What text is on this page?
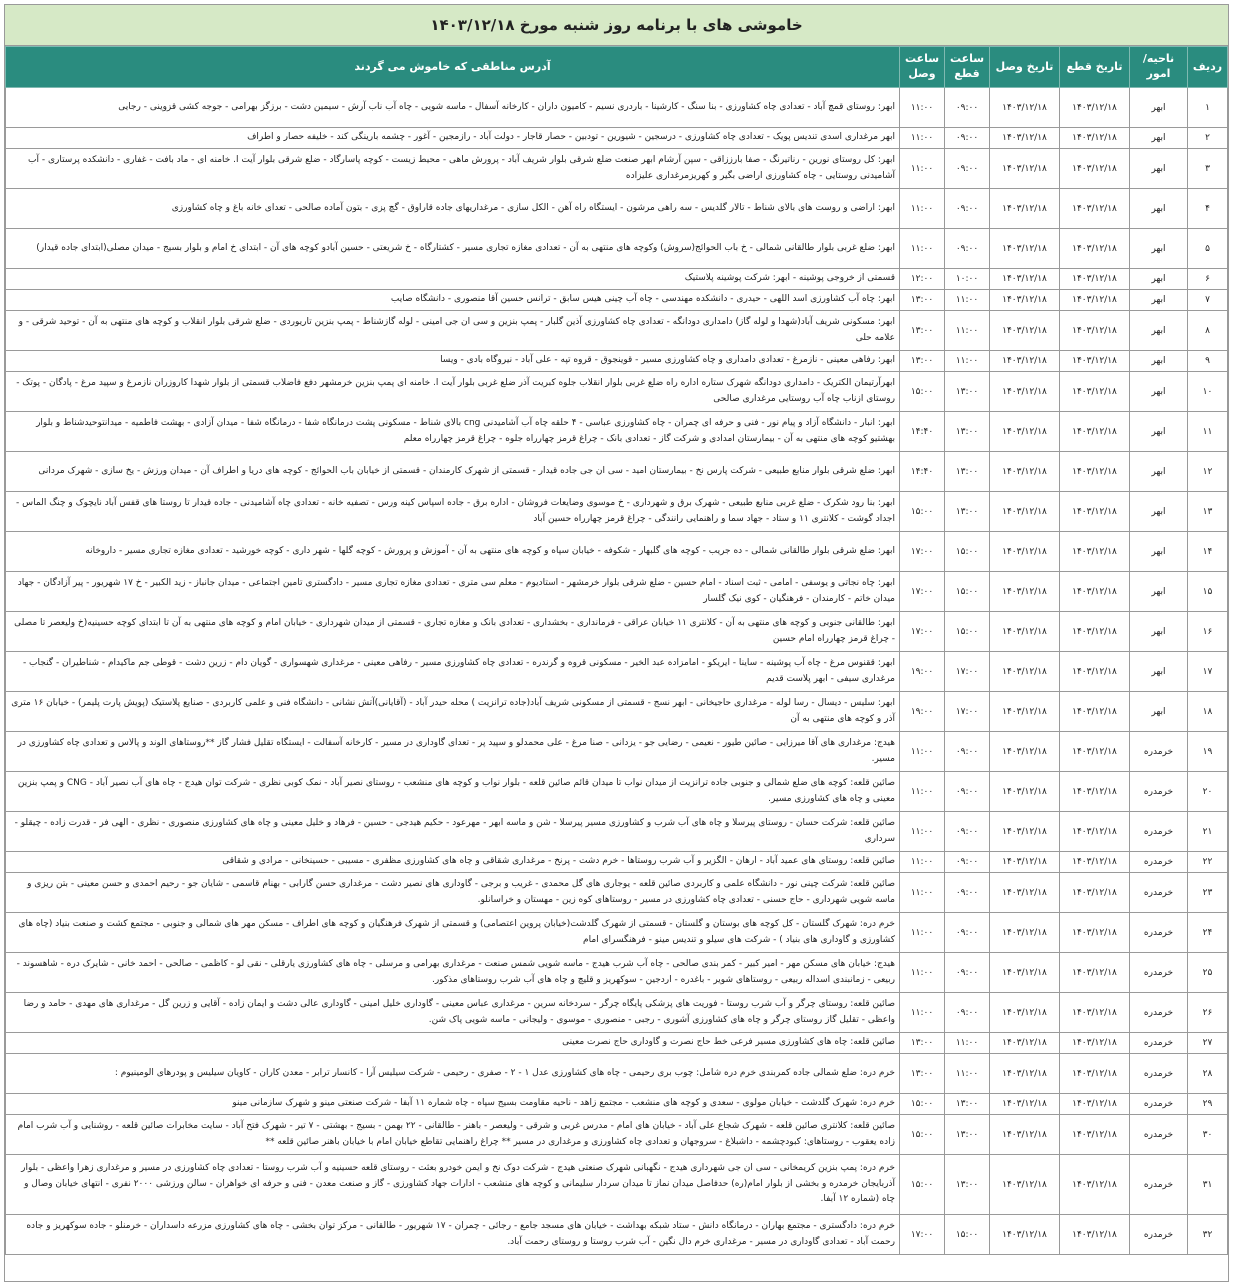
خاموشی های با برنامه روز شنبه مورخ ۱۴۰۳/۱۲/۱۸
ردیف	ناحیه/امور	تاریخ قطع	تاریخ وصل	ساعت قطع	ساعت وصل	آدرس مناطقی که خاموش می گردند
۱	ابهر	۱۴۰۳/۱۲/۱۸	۱۴۰۳/۱۲/۱۸	۰۹:۰۰	۱۱:۰۰	ابهر: روستای قمچ آباد - تعدادی چاه کشاورزی - بنا سنگ - کارشینا - باردری نسیم - کامیون داران - کارخانه آسفال - ماسه شویی - چاه آب ناب آرش - سیمین دشت - برزگز بهرامی - جوجه کشی قزوینی - رجایی
۲	ابهر	۱۴۰۳/۱۲/۱۸	۱۴۰۳/۱۲/۱۸	۰۹:۰۰	۱۱:۰۰	ابهر مرغداری اسدی تندیس پویک - تعدادی چاه کشاورزی - درسجین - شیورین - تودبین - حصار قاجار - دولت آباد - رازمجین - آغور - چشمه بارینگی کند - خلیفه حصار و اطراف
۳	ابهر	۱۴۰۳/۱۲/۱۸	۱۴۰۳/۱۲/۱۸	۰۹:۰۰	۱۱:۰۰	ابهر: کل روستای نورین - رناتیرنگ - صفا بارززاقی - سپن آرشام ابهر صنعت ضلع شرقی بلوار شریف آباد - پرورش ماهی - محیط زیست - کوچه پاسارگاد - ضلع شرقی بلوار آیت ا. خامنه ای - ماد بافت - غفاری - دانشکده پرستاری - آب آشامیدنی روستایی - چاه کشاورزی اراضی بگیر و کهریزمرغداری علیزاده
۴	ابهر	۱۴۰۳/۱۲/۱۸	۱۴۰۳/۱۲/۱۸	۰۹:۰۰	۱۱:۰۰	ابهر: اراضی و روست های بالای شناط - تالار گلدیس - سه راهی مرشون - ایستگاه راه آهن - الکل سازی - مرغداریهای جاده قاراوق - گچ پزی - بتون آماده صالحی - تعدای خانه باغ و چاه کشاورزی
۵	ابهر	۱۴۰۳/۱۲/۱۸	۱۴۰۳/۱۲/۱۸	۰۹:۰۰	۱۱:۰۰	ابهر: ضلع غربی بلوار طالقانی شمالی - خ باب الحوائج(سروش) وکوچه های منتهی به آن - تعدادی مغازه تجاری مسیر - کشتارگاه - خ شریعتی - حسین آبادو کوچه های آن - ابتدای خ امام و بلوار بسیج - میدان مصلی(ابتدای جاده قیدار)
۶	ابهر	۱۴۰۳/۱۲/۱۸	۱۴۰۳/۱۲/۱۸	۱۰:۰۰	۱۲:۰۰	قسمتی از خروجی پوشینه - ابهر: شرکت پوشینه پلاستیک
۷	ابهر	۱۴۰۳/۱۲/۱۸	۱۴۰۳/۱۲/۱۸	۱۱:۰۰	۱۳:۰۰	ابهر: چاه آب کشاورزی اسد اللهی - حیدری - دانشکده مهندسی - چاه آب چینی هیس سابق - ترانس حسین آقا منصوری - دانشگاه صایب
۸	ابهر	۱۴۰۳/۱۲/۱۸	۱۴۰۳/۱۲/۱۸	۱۱:۰۰	۱۳:۰۰	ابهر: مسکونی شریف آباد(شهدا و لوله گاز) دامداری دودانگه - تعدادی چاه کشاورزی آذین گلبار - پمپ بنزین و سی ان جی امینی - لوله گازشناط - پمپ بنزین تاریوردی - ضلع شرقی بلوار انقلاب و کوچه های منتهی به آن - توحید شرقی - و علامه حلی
۹	ابهر	۱۴۰۳/۱۲/۱۸	۱۴۰۳/۱۲/۱۸	۱۱:۰۰	۱۳:۰۰	ابهر: رفاهی معینی - نازمرغ - تعدادی دامداری و چاه کشاورزی مسیر - قوینجوق - قروه تپه - علی آباد - نیروگاه بادی - ویسا
۱۰	ابهر	۱۴۰۳/۱۲/۱۸	۱۴۰۳/۱۲/۱۸	۱۳:۰۰	۱۵:۰۰	ابهرآرتیمان الکتریک - دامداری دودانگه شهرک ستاره اداره راه ضلع غربی بلوار انقلاب جلوه کبریت آذر ضلع غربی بلوار آیت ا. خامنه ای پمپ بنزین خرمشهر دفع فاضلاب قسمتی از بلوار شهدا کاروزران نازمرغ و سپید مرغ - پادگان - پوتک - روستای ازناب چاه آب روستایی مرغداری صالحی
۱۱	ابهر	۱۴۰۳/۱۲/۱۸	۱۴۰۳/۱۲/۱۸	۱۳:۰۰	۱۴:۴۰	ابهر: انبار - دانشگاه آزاد و پیام نور - فنی و حرفه ای چمران - چاه کشاورزی عباسی - ۴ حلقه چاه آب آشامیدنی cng بالای شناط - مسکونی پشت درمانگاه شفا - درمانگاه شفا - میدان آزادی - بهشت فاطمیه - میدانتوحیدشناط و بلوار بهشتیو کوچه های منتهی به آن - بیمارستان امدادی و شرکت گاز - تعدادی بانک - چراغ قرمز چهارراه جلوه - چراغ قرمز چهارراه معلم
۱۲	ابهر	۱۴۰۳/۱۲/۱۸	۱۴۰۳/۱۲/۱۸	۱۳:۰۰	۱۴:۴۰	ابهر: ضلع شرقی بلوار منابع طبیعی - شرکت پارس نخ - بیمارستان امید - سی ان جی جاده قیدار - قسمتی از شهرک کارمندان - قسمتی از خیابان باب الحوائج - کوچه های دریا و اطراف آن - میدان ورزش - یخ سازی - شهرک مردانی
۱۳	ابهر	۱۴۰۳/۱۲/۱۸	۱۴۰۳/۱۲/۱۸	۱۳:۰۰	۱۵:۰۰	ابهر: بنا رود شکرک - ضلع غربی منابع طبیعی - شهرک برق و شهرداری - خ موسوی وضایعات فروشان - اداره برق - جاده اسپاس کینه ورس - تصفیه خانه - تعدادی چاه آشامیدنی - جاده قیدار تا روستا های قفس آباد نایچوک و چنگ الماس - اجداد گوشت - کلانتری ۱۱ و ستاد - جهاد سما و راهنمایی رانندگی - چراغ قرمز چهارراه حسین آباد
۱۴	ابهر	۱۴۰۳/۱۲/۱۸	۱۴۰۳/۱۲/۱۸	۱۵:۰۰	۱۷:۰۰	ابهر: ضلع شرقی بلوار طالقانی شمالی - ده جریب - کوچه های گلبهار - شکوفه - خیابان سپاه و کوچه های منتهی به آن - آموزش و پرورش - کوچه گلها - شهر داری - کوچه خورشید - تعدادی مغازه تجاری مسیر - داروخانه
۱۵	ابهر	۱۴۰۳/۱۲/۱۸	۱۴۰۳/۱۲/۱۸	۱۵:۰۰	۱۷:۰۰	ابهر: چاه نجاتی و یوسفی - امامی - ثبت اسناد - امام حسین - ضلع شرقی بلوار خرمشهر - استادیوم - معلم سی متری - تعدادی مغازه تجاری مسیر - دادگستری تامین اجتماعی - میدان جانباز - زید الکبیر - خ ۱۷ شهریور - پیر آزادگان - جهاد میدان خاتم - کارمندان - فرهنگیان - کوی نیک گلسار
۱۶	ابهر	۱۴۰۳/۱۲/۱۸	۱۴۰۳/۱۲/۱۸	۱۵:۰۰	۱۷:۰۰	ابهر: طالقانی جنوبی و کوچه های منتهی به آن - کلانتری ۱۱ خیابان عراقی - فرمانداری - بخشداری - تعدادی بانک و مغازه تجاری - قسمتی از میدان شهرداری - خیابان امام و کوچه های منتهی به آن تا ابتدای کوچه حسینیه(خ ولیعصر تا مصلی - چراغ قرمز چهارراه امام حسین
۱۷	ابهر	۱۴۰۳/۱۲/۱۸	۱۴۰۳/۱۲/۱۸	۱۷:۰۰	۱۹:۰۰	ابهر: ققنوس مرغ - چاه آب پوشینه - ساینا - ایریکو - امامزاده عبد الخیر - مسکونی قروه و گرندره - تعدادی چاه کشاورزی مسیر - رفاهی معینی - مرغداری شهسواری - گویان دام - زرین دشت - قوطی جم ماکیدام - شناطیران - گنجاب - مرغداری سیفی - ابهر پلاست قدیم
۱۸	ابهر	۱۴۰۳/۱۲/۱۸	۱۴۰۳/۱۲/۱۸	۱۷:۰۰	۱۹:۰۰	ابهر: سلیس - دیسال - رسا لوله - مرغداری حاجیخانی - ابهر نسج - قسمتی از مسکونی شریف آباد(جاده ترانزیت ) محله حیدر آباد - (آقایانی)آتش نشانی - دانشگاه فنی و علمی کاربردی - صنایع پلاستیک (پویش پارت پلیمر) - خیابان ۱۶ متری آذر و کوچه های منتهی به آن
۱۹	خرمدره	۱۴۰۳/۱۲/۱۸	۱۴۰۳/۱۲/۱۸	۰۹:۰۰	۱۱:۰۰	هیدج: مرغداری های آقا میرزایی - صائین طیور - نعیمی - رضایی جو - یزدانی - صنا مرغ - علی محمدلو و سپید پر - تعدای گاوداری در مسیر - کارخانه آسفالت - ایستگاه تقلیل فشار گاز **روستاهای الوند و پالاس و تعدادی چاه کشاورزی در مسیر.
۲۰	خرمدره	۱۴۰۳/۱۲/۱۸	۱۴۰۳/۱۲/۱۸	۰۹:۰۰	۱۱:۰۰	صائین قلعه: کوچه های ضلع شمالی و جنوبی جاده ترانزیت از میدان نواب تا میدان قائم صائین قلعه - بلوار نواب و کوچه های منشعب - روستای نصیر آباد - نمک کوبی نظری - شرکت توان هیدج - چاه های آب نصیر آباد - CNG و پمپ بنزین معینی و چاه های کشاورزی مسیر.
۲۱	خرمدره	۱۴۰۳/۱۲/۱۸	۱۴۰۳/۱۲/۱۸	۰۹:۰۰	۱۱:۰۰	صائین قلعه: شرکت حسان - روستای پیرسلا و چاه های آب شرب و کشاورزی مسیر پیرسلا - شن و ماسه ابهر - مهرعود - حکیم هیدجی - حسین - فرهاد و خلیل معینی و چاه های کشاورزی منصوری - نظری - الهی فر - قدرت زاده - چیقلو - سرداری
۲۲	خرمدره	۱۴۰۳/۱۲/۱۸	۱۴۰۳/۱۲/۱۸	۰۹:۰۰	۱۱:۰۰	صائین قلعه: روستای های عمید آباد - ارهان - الگزیر و آب شرب روستاها - خرم دشت - پرنخ - مرغداری شقاقی و چاه های کشاورزی مظفری - مسیبی - حسینخانی - مرادی و شقاقی
۲۳	خرمدره	۱۴۰۳/۱۲/۱۸	۱۴۰۳/۱۲/۱۸	۰۹:۰۰	۱۱:۰۰	صائین قلعه: شرکت چینی نور - دانشگاه علمی و کاربردی صائین قلعه - یوجاری های گل محمدی - غریب و برجی - گاوداری های نصیر دشت - مرغداری حسن گارابی - بهنام قاسمی - شایان جو - رحیم احمدی و حسن معینی - بتن ریزی و ماسه شویی شهرداری - حاج حسنی - تعدادی چاه کشاورزی در مسیر - روستاهای کوه زین - مهستان و خراسانلو.
۲۴	خرمدره	۱۴۰۳/۱۲/۱۸	۱۴۰۳/۱۲/۱۸	۰۹:۰۰	۱۱:۰۰	خرم دره: شهرک گلستان - کل کوچه های بوستان و گلستان - قسمتی از شهرک گلدشت(خیابان پروین اعتصامی) و قسمتی از شهرک فرهنگیان و کوچه های اطراف - مسکن مهر های شمالی و جنوبی - مجتمع کشت و صنعت بنیاد (چاه های کشاورزی و گاوداری های بنیاد ) - شرکت های سیلو و تندیس مینو - فرهنگسرای امام
۲۵	خرمدره	۱۴۰۳/۱۲/۱۸	۱۴۰۳/۱۲/۱۸	۰۹:۰۰	۱۱:۰۰	هیدج: خیابان های مسکن مهر - امیر کبیر - کمر بندی صالحی - چاه آب شرب هیدج - ماسه شویی شمس صنعت - مرغداری بهرامی و مرسلی - چاه های کشاورزی یارقلی - نقی لو - کاظمی - صالحی - احمد خانی - شایرک دره - شاهسوند - ربیعی - زمانبندی اسداله ربیعی - روستاهای شویر - باغدره - اردجین - سوکهریز و قلیچ و چاه های آب شرب روستاهای مذکور.
۲۶	خرمدره	۱۴۰۳/۱۲/۱۸	۱۴۰۳/۱۲/۱۸	۰۹:۰۰	۱۱:۰۰	صائین قلعه: روستای چرگر و آب شرب روستا - فوریت های پزشکی پایگاه چرگر - سردخانه سرین - مرغداری عباس معینی - گاوداری خلیل امینی - گاوداری عالی دشت و ایمان زاده - آقایی و زرین گل - مرغداری های مهدی - حامد و رضا واعظی - تقلیل گاز روستای چرگر و چاه های کشاورزی آشوری - رجبی - منصوری - موسوی - ولیجانی - ماسه شویی پاک شن.
۲۷	خرمدره	۱۴۰۳/۱۲/۱۸	۱۴۰۳/۱۲/۱۸	۱۱:۰۰	۱۳:۰۰	صائین قلعه: چاه های کشاورزی مسیر فرعی خط حاج نصرت و گاوداری حاج نصرت معینی
۲۸	خرمدره	۱۴۰۳/۱۲/۱۸	۱۴۰۳/۱۲/۱۸	۱۱:۰۰	۱۳:۰۰	خرم دره: ضلع شمالی جاده کمربندی خرم دره شامل: چوب بری رحیمی - چاه های کشاورزی عدل ۱ - ۲ - صفری - رحیمی - شرکت سیلیس آرا - کانسار ترابر - معدن کاران - کاویان سیلیس و پودرهای الومینیوم :
۲۹	خرمدره	۱۴۰۳/۱۲/۱۸	۱۴۰۳/۱۲/۱۸	۱۳:۰۰	۱۵:۰۰	خرم دره: شهرک گلدشت - خیابان مولوی - سعدی و کوچه های منشعب - مجتمع زاهد - ناحیه مقاومت بسیج سپاه - چاه شماره ۱۱ آبفا - شرکت صنعتی مینو و شهرک سازمانی مینو
۳۰	خرمدره	۱۴۰۳/۱۲/۱۸	۱۴۰۳/۱۲/۱۸	۱۳:۰۰	۱۵:۰۰	صائین قلعه: کلانتری صائین قلعه - شهرک شجاع علی آباد - خیابان های امام - مدرس غربی و شرقی - ولیعصر - باهنر - طالقانی - ۲۲ بهمن - بسیج - بهشتی - ۷ تیر - شهرک فتح آباد - سایت مخابرات صائین قلعه - روشنایی و آب شرب امام زاده یعقوب - روستاهای: کبودچشمه - داشبلاغ - سروجهان و تعدادی چاه کشاورزی و مرغداری در مسیر ** چراغ راهنمایی تقاطع خیابان امام با خیابان باهنر صائین قلعه **
۳۱	خرمدره	۱۴۰۳/۱۲/۱۸	۱۴۰۳/۱۲/۱۸	۱۳:۰۰	۱۵:۰۰	خرم دره: پمپ بنزین کریمخانی - سی ان جی شهرداری هیدج - نگهبانی شهرک صنعتی هیدج - شرکت دوک نخ و ایمن خودرو بعثت - روستای قلعه حسینیه و آب شرب روستا - تعدادی چاه کشاورزی در مسیر و مرغداری زهرا واعظی - بلوار آذربایجان خرمدره و بخشی از بلوار امام(ره) حدفاصل میدان نماز تا میدان سردار سلیمانی و کوچه های منشعب - ادارات جهاد کشاورزی - گاز و صنعت معدن - فنی و حرفه ای خواهران - سالن ورزشی ۲۰۰۰ نفری - انتهای خیابان وصال و چاه (شماره ۱۲ آبفا.
۳۲	خرمدره	۱۴۰۳/۱۲/۱۸	۱۴۰۳/۱۲/۱۸	۱۵:۰۰	۱۷:۰۰	خرم دره: دادگستری - مجتمع بهاران - درمانگاه دانش - ستاد شبکه بهداشت - خیابان های مسجد جامع - رجائی - چمران - ۱۷ شهریور - طالقانی - مرکز توان بخشی - چاه های کشاورزی مزرعه داسداران - خرمنلو - جاده سوکهریز و جاده رحمت آباد - تعدادی گاوداری در مسیر - مرغداری خرم دال نگین - آب شرب روستا و روستای رحمت آباد.
